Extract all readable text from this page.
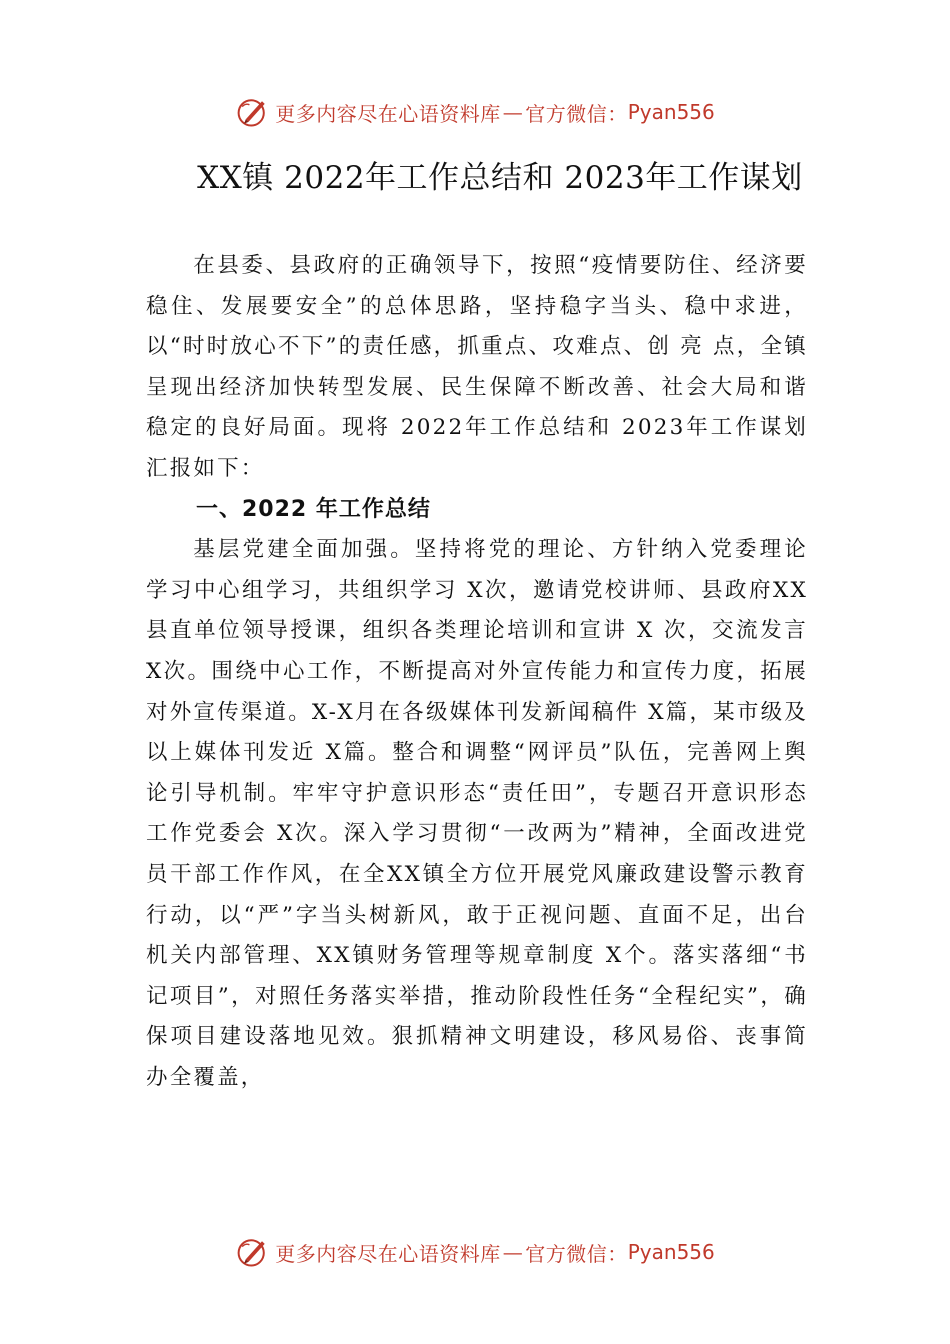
更多内容尽在心语资料库 — 官方微信： Pyan556
XX镇 2022年工作总结和 2023年工作谋划

在县委、县政府的正确领导下，按照“疫情要防住、经济要稳住、发展要安全”的总体思路，坚持稳字当头、稳中求进，以“时时放心不下”的责任感，抓重点、攻难点、创 亮 点，全镇呈现出经济加快转型发展、民生保障不断改善、社会大局和谐稳定的良好局面。现将 2022年工作总结和 2023年工作谋划汇报如下：

一、2022 年工作总结

基层党建全面加强。坚持将党的理论、方针纳入党委理论学习中心组学习，共组织学习 X次，邀请党校讲师、县政府XX县直单位领导授课，组织各类理论培训和宣讲 X 次，交流发言 X次。围绕中心工作，不断提高对外宣传能力和宣传力度，拓展对外宣传渠道。X-X月在各级媒体刊发新闻稿件 X篇，某市级及以上媒体刊发近 X篇。整合和调整“网评员”队伍，完善网上舆论引导机制。牢牢守护意识形态“责任田”，专题召开意识形态工作党委会 X次。深入学习贯彻“一改两为”精神，全面改进党员干部工作作风，在全XX镇全方位开展党风廉政建设警示教育行动，以“严”字当头树新风，敢于正视问题、直面不足，出台机关内部管理、XX镇财务管理等规章制度 X个。落实落细“书记项目”，对照任务落实举措，推动阶段性任务“全程纪实”，确保项目建设落地见效。狠抓精神文明建设，移风易俗、丧事简办全覆盖，

更多内容尽在心语资料库 — 官方微信： Pyan556
